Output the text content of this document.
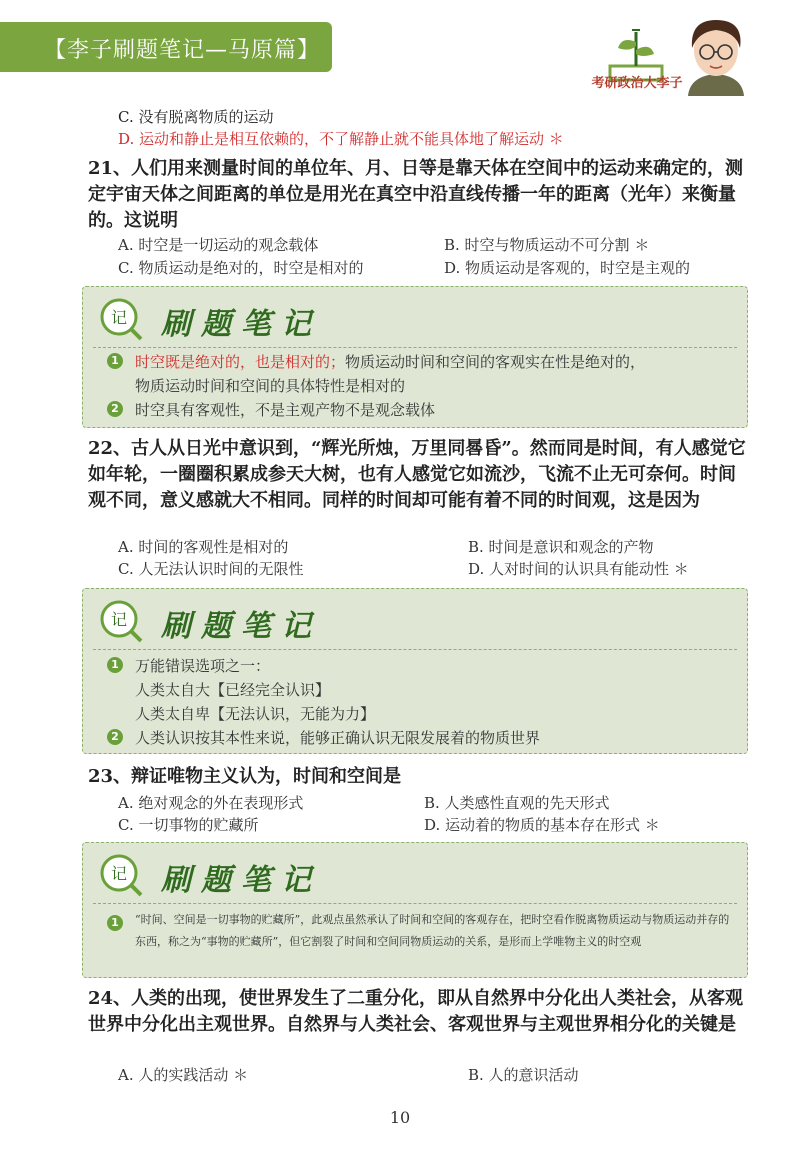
【李子刷题笔记—马原篇】
考研政治大李子
C. 没有脱离物质的运动
D. 运动和静止是相互依赖的，不了解静止就不能具体地了解运动 ＊
21、人们用来测量时间的单位年、月、日等是靠天体在空间中的运动来确定的，测定宇宙天体之间距离的单位是用光在真空中沿直线传播一年的距离（光年）来衡量的。这说明
A. 时空是一切运动的观念载体	B. 时空与物质运动不可分割 ＊
C. 物质运动是绝对的，时空是相对的	D. 物质运动是客观的，时空是主观的
记 刷题笔记
1 时空既是绝对的，也是相对的；物质运动时间和空间的客观实在性是绝对的，
物质运动时间和空间的具体特性是相对的
2 时空具有客观性，不是主观产物不是观念载体
22、古人从日光中意识到，“辉光所烛，万里同晷昏”。然而同是时间，有人感觉它如年轮，一圈圈积累成参天大树，也有人感觉它如流沙，飞流不止无可奈何。时间观不同，意义感就大不相同。同样的时间却可能有着不同的时间观，这是因为
A. 时间的客观性是相对的	B. 时间是意识和观念的产物
C. 人无法认识时间的无限性	D. 人对时间的认识具有能动性 ＊
记 刷题笔记
1 万能错误选项之一：
人类太自大【已经完全认识】
人类太自卑【无法认识，无能为力】
2 人类认识按其本性来说，能够正确认识无限发展着的物质世界
23、辩证唯物主义认为，时间和空间是
A. 绝对观念的外在表现形式	B. 人类感性直观的先天形式
C. 一切事物的贮藏所	D. 运动着的物质的基本存在形式 ＊
记 刷题笔记
1	“时间、空间是一切事物的贮藏所”，此观点虽然承认了时间和空间的客观存在，把时空看作脱离物质运动与物质运动并存的东西，称之为“事物的贮藏所”，但它割裂了时间和空间同物质运动的关系，是形而上学唯物主义的时空观
24、人类的出现，使世界发生了二重分化，即从自然界中分化出人类社会，从客观世界中分化出主观世界。自然界与人类社会、客观世界与主观世界相分化的关键是
A. 人的实践活动 ＊	B. 人的意识活动
10
